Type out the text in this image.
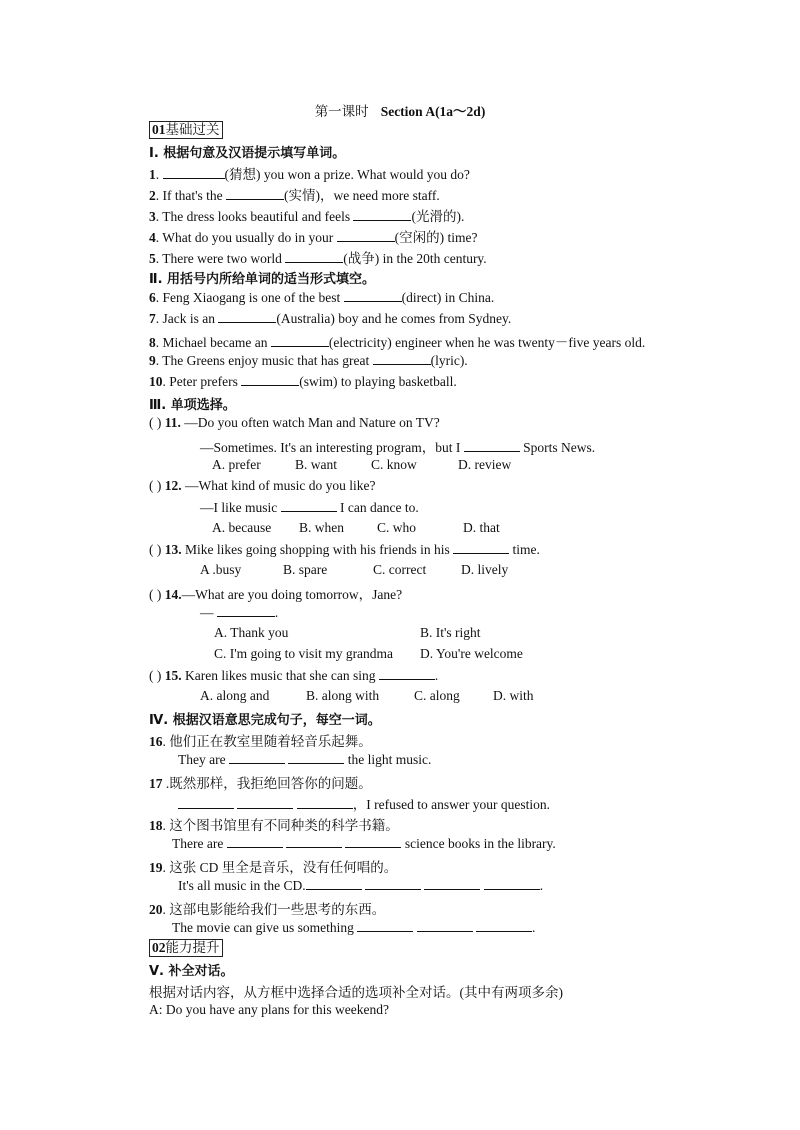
第一课时 Section A(1a～2d)
01基础过关
Ⅰ. 根据句意及汉语提示填写单词。
1.	(猜想) you won a prize. What would you do?
2. If that's the	(实情)，we need more staff.
3. The dress looks beautiful and feels	(光滑的).
4. What do you usually do in your	(空闲的) time?
5. There were two world	(战争) in the 20th century.
Ⅱ. 用括号内所给单词的适当形式填空。
6. Feng Xiaogang is one of the best	(direct) in China.
7. Jack is an	(Australia) boy and he comes from Sydney.
8. Michael became an	(electricity) engineer when he was twenty－five years old.
9. The Greens enjoy music that has great	(lyric).
10. Peter prefers	(swim) to playing basketball.
Ⅲ. 单项选择。
( ) 11. —Do you often watch Man and Nature on TV?
—Sometimes. It's an interesting program，but I	Sports News.
A. prefer	B. want	C. know	D. review
( ) 12. —What kind of music do you like?
—I like music	I can dance to.
A. because B. when C. who	D. that
( ) 13. Mike likes going shopping with his friends in his	time.
A .busy	B. spare	C. correct	D. lively
( ) 14.—What are you doing tomorrow，Jane?
—	.
A. Thank you	B. It's right
C. I'm going to visit my grandma D. You're welcome
( ) 15. Karen likes music that she can sing	.
A. along and	B. along with	C. along D. with
Ⅳ. 根据汉语意思完成句子，每空一词。
16. 他们正在教室里随着轻音乐起舞。
They are	the light music.
17 .既然那样，我拒绝回答你的问题。
，I refused to answer your question.
18. 这个图书馆里有不同种类的科学书籍。
There are	science books in the library.
19. 这张 CD 里全是音乐，没有任何唱的。
It's all music in the CD.	.
20. 这部电影能给我们一些思考的东西。
The movie can give us something	.
02能力提升
Ⅴ. 补全对话。
根据对话内容，从方框中选择合适的选项补全对话。(其中有两项多余)
A: Do you have any plans for this weekend?
